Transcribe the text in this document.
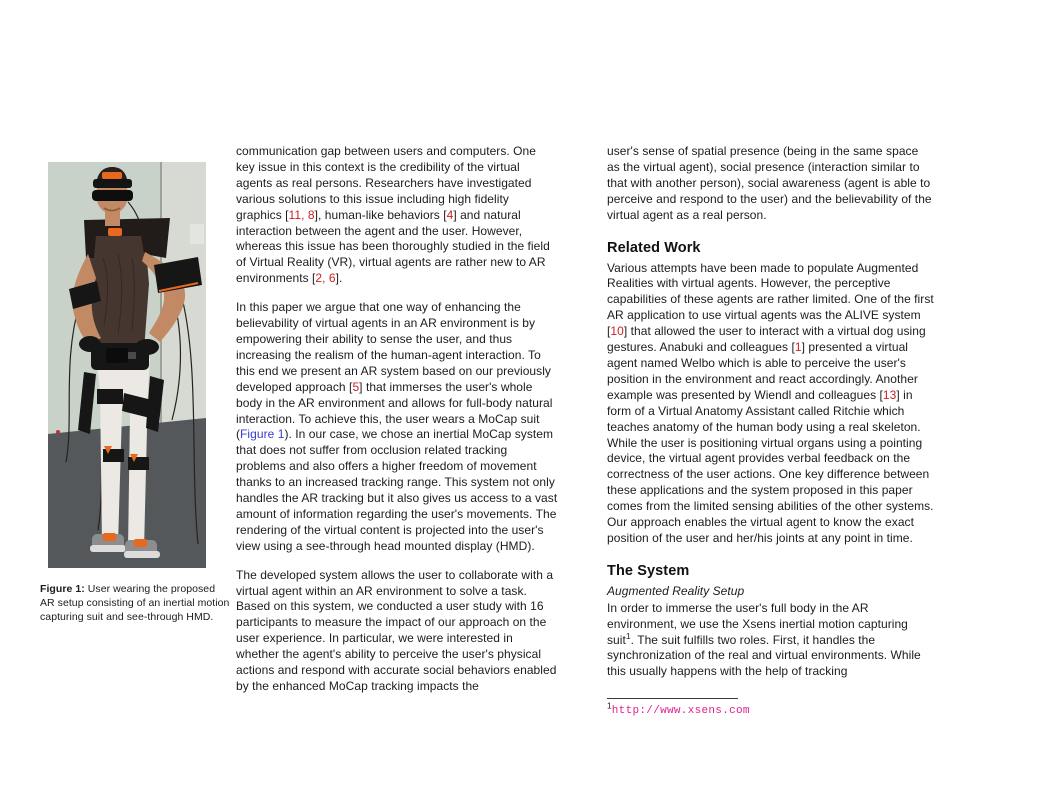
Figure 1: User wearing the proposed AR setup consisting of an inertial motion capturing suit and see-through HMD.

communication gap between users and computers. One key issue in this context is the credibility of the virtual agents as real persons. Researchers have investigated various solutions to this issue including high fidelity graphics [11, 8], human-like behaviors [4] and natural interaction between the agent and the user. However, whereas this issue has been thoroughly studied in the field of Virtual Reality (VR), virtual agents are rather new to AR environments [2, 6].

In this paper we argue that one way of enhancing the believability of virtual agents in an AR environment is by empowering their ability to sense the user, and thus increasing the realism of the human-agent interaction. To this end we present an AR system based on our previously developed approach [5] that immerses the user's whole body in the AR environment and allows for full-body natural interaction. To achieve this, the user wears a MoCap suit (Figure 1). In our case, we chose an inertial MoCap system that does not suffer from occlusion related tracking problems and also offers a higher freedom of movement thanks to an increased tracking range. This system not only handles the AR tracking but it also gives us access to a vast amount of information regarding the user's movements. The rendering of the virtual content is projected into the user's view using a see-through head mounted display (HMD).

The developed system allows the user to collaborate with a virtual agent within an AR environment to solve a task. Based on this system, we conducted a user study with 16 participants to measure the impact of our approach on the user experience. In particular, we were interested in whether the agent's ability to perceive the user's physical actions and respond with accurate social behaviors enabled by the enhanced MoCap tracking impacts the

user's sense of spatial presence (being in the same space as the virtual agent), social presence (interaction similar to that with another person), social awareness (agent is able to perceive and respond to the user) and the believability of the virtual agent as a real person.

Related Work

Various attempts have been made to populate Augmented Realities with virtual agents. However, the perceptive capabilities of these agents are rather limited. One of the first AR application to use virtual agents was the ALIVE system [10] that allowed the user to interact with a virtual dog using gestures. Anabuki and colleagues [1] presented a virtual agent named Welbo which is able to perceive the user's position in the environment and react accordingly. Another example was presented by Wiendl and colleagues [13] in form of a Virtual Anatomy Assistant called Ritchie which teaches anatomy of the human body using a real skeleton. While the user is positioning virtual organs using a pointing device, the virtual agent provides verbal feedback on the correctness of the user actions. One key difference between these applications and the system proposed in this paper comes from the limited sensing abilities of the other systems. Our approach enables the virtual agent to know the exact position of the user and her/his joints at any point in time.

The System
Augmented Reality Setup

In order to immerse the user's full body in the AR environment, we use the Xsens inertial motion capturing suit$^1$. The suit fulfills two roles. First, it handles the synchronization of the real and virtual environments. While this usually happens with the help of tracking

$^1$http://www.xsens.com
